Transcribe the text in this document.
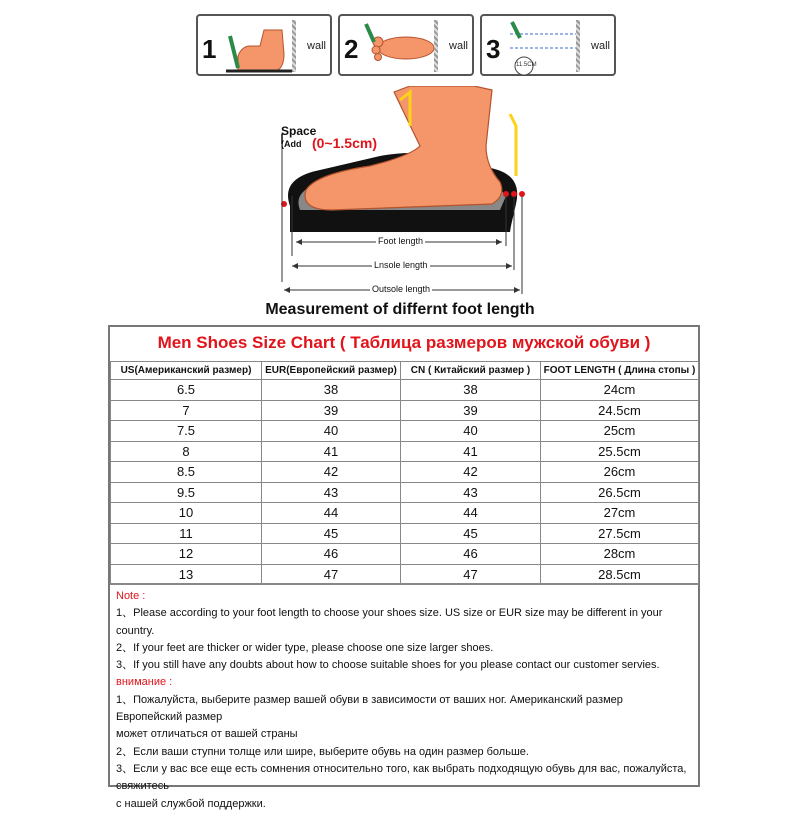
1	wall 2	wall 3
11.5CM
wall
Space
(Add (0~1.5cm)
Foot length
Lnsole length
Outsole length
Measurement of differnt foot length
Men Shoes Size Chart ( Таблица размеров мужской обуви )
US(Американский размер)	EUR(Европейский размер)	CN ( Китайский размер )	FOOT LENGTH ( Длина стопы )
6.5	38	38	24cm
7	39	39	24.5cm
7.5	40	40	25cm
8	41	41	25.5cm
8.5	42	42	26cm
9.5	43	43	26.5cm
10	44	44	27cm
11	45	45	27.5cm
12	46	46	28cm
13	47	47	28.5cm

Note :

1、Please according to your foot length to choose your shoes size. US size or EUR size may be different in your country.

2、If your feet are thicker or wider type, please choose one size larger shoes.

3、If you still have any doubts about how to choose suitable shoes for you please contact our customer servies.

внимание :

1、Пожалуйста, выберите размер вашей обуви в зависимости от ваших ног. Американский размер Европейский размер

может отличаться от вашей страны

2、Если ваши ступни толще или шире, выберите обувь на один размер больше.

3、Если у вас все еще есть сомнения относительно того, как выбрать подходящую обувь для вас, пожалуйста, свяжитесь

с нашей службой поддержки.
